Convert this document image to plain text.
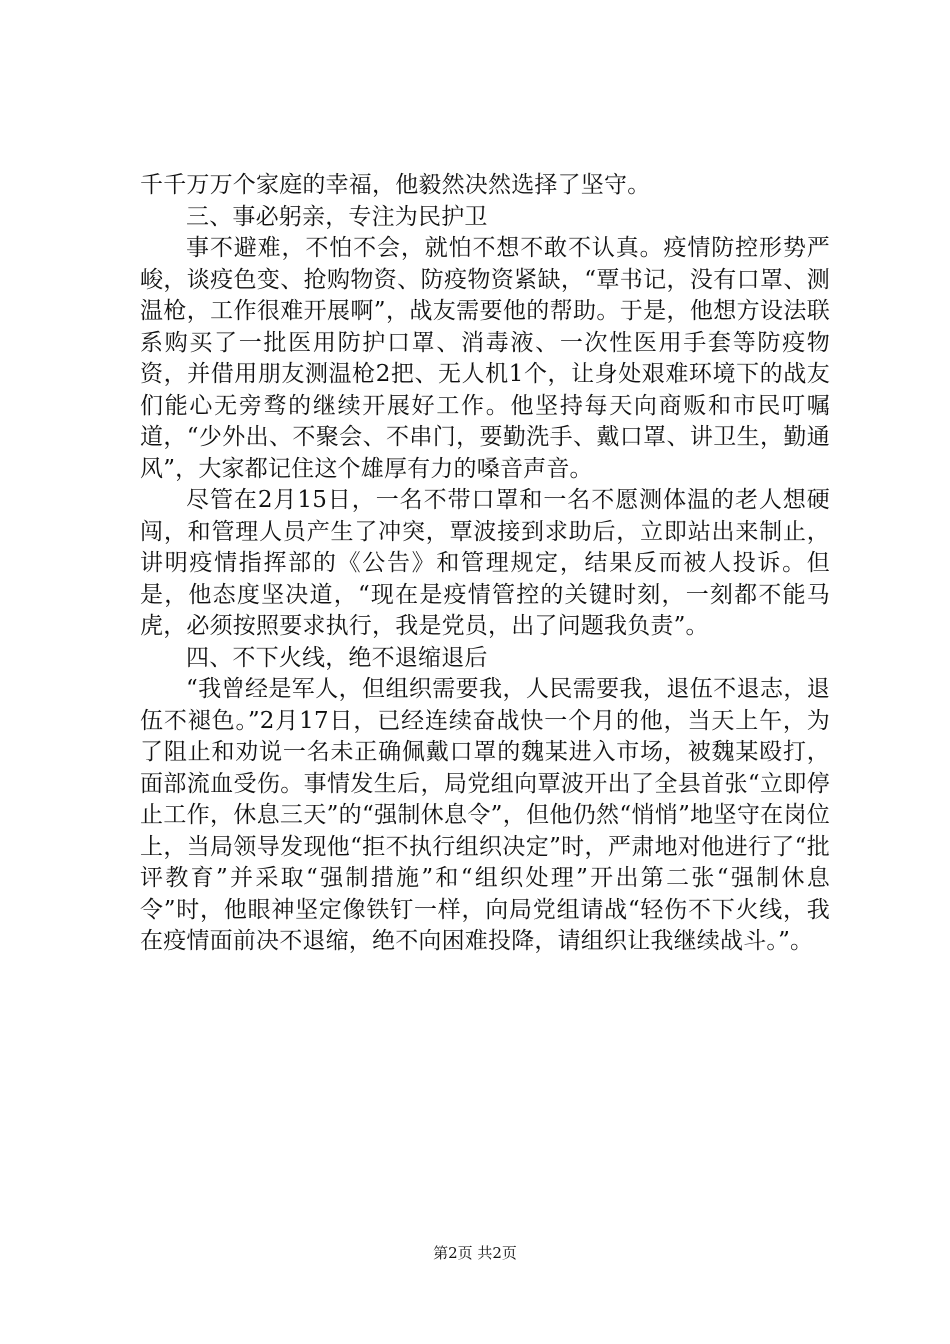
千千万万个家庭的幸福，他毅然决然选择了坚守。

三、事必躬亲，专注为民护卫

事不避难，不怕不会，就怕不想不敢不认真。疫情防控形势严峻，谈疫色变、抢购物资、防疫物资紧缺，“覃书记，没有口罩、测温枪，工作很难开展啊”，战友需要他的帮助。于是，他想方设法联系购买了一批医用防护口罩、消毒液、一次性医用手套等防疫物资，并借用朋友测温枪2把、无人机1个，让身处艰难环境下的战友们能心无旁骛的继续开展好工作。他坚持每天向商贩和市民叮嘱道，“少外出、不聚会、不串门，要勤洗手、戴口罩、讲卫生，勤通风”，大家都记住这个雄厚有力的嗓音声音。

尽管在2月15日，一名不带口罩和一名不愿测体温的老人想硬闯，和管理人员产生了冲突，覃波接到求助后，立即站出来制止，讲明疫情指挥部的《公告》和管理规定，结果反而被人投诉。但是，他态度坚决道，“现在是疫情管控的关键时刻，一刻都不能马虎，必须按照要求执行，我是党员，出了问题我负责”。

四、不下火线，绝不退缩退后

“我曾经是军人，但组织需要我，人民需要我，退伍不退志，退伍不褪色。”2月17日，已经连续奋战快一个月的他，当天上午，为了阻止和劝说一名未正确佩戴口罩的魏某进入市场，被魏某殴打，面部流血受伤。事情发生后，局党组向覃波开出了全县首张“立即停止工作，休息三天”的“强制休息令”，但他仍然“悄悄”地坚守在岗位上，当局领导发现他“拒不执行组织决定”时，严肃地对他进行了“批评教育”并采取“强制措施”和“组织处理”开出第二张“强制休息令”时，他眼神坚定像铁钉一样，向局党组请战“轻伤不下火线，我在疫情面前决不退缩，绝不向困难投降，请组织让我继续战斗。”。

第2页 共2页
